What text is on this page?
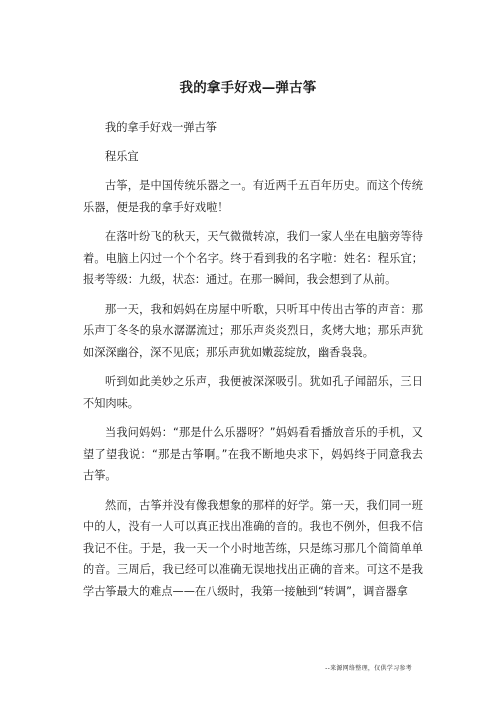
我的拿手好戏—弹古筝

我的拿手好戏一弹古筝

程乐宜

古筝，是中国传统乐器之一。有近两千五百年历史。而这个传统乐器，便是我的拿手好戏啦！

在落叶纷飞的秋天，天气微微转凉，我们一家人坐在电脑旁等待着。电脑上闪过一个个名字。终于看到我的名字啦：姓名：程乐宜；报考等级：九级，状态：通过。在那一瞬间，我会想到了从前。

那一天，我和妈妈在房屋中听歌，只听耳中传出古筝的声音：那乐声丁冬冬的泉水潺潺流过；那乐声炎炎烈日，炙烤大地；那乐声犹如深深幽谷，深不见底；那乐声犹如嫩蕊绽放，幽香袅袅。

听到如此美妙之乐声，我便被深深吸引。犹如孔子闻韶乐，三日不知肉味。

当我问妈妈：“那是什么乐器呀？”妈妈看看播放音乐的手机，又望了望我说：“那是古筝啊。”在我不断地央求下，妈妈终于同意我去古筝。

然而，古筝并没有像我想象的那样的好学。第一天，我们同一班中的人，没有一人可以真正找出准确的音的。我也不例外，但我不信我记不住。于是，我一天一个小时地苦练，只是练习那几个简简单单的音。三周后，我已经可以准确无误地找出正确的音来。可这不是我学古筝最大的难点——在八级时，我第一接触到“转调”，调音器拿

--来源网络整理，仅供学习参考
